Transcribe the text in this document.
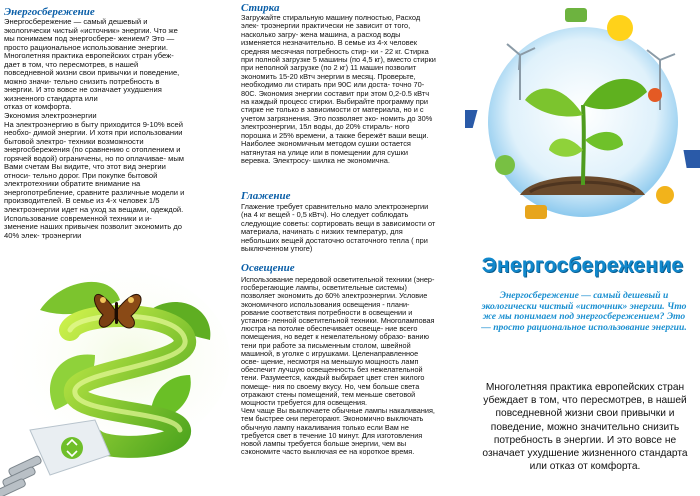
Энергосбережение

Энергосбережение — самый дешевый и
экологически чистый «источник» энергии. Что же
мы понимаем под энергосбере- жением? Это —
просто рациональное использование энергии.
Многолетняя практика европейских стран убеж-
дает в том, что пересмотрев, в нашей
повседневной жизни свои привычки и поведение,
можно значи- тельно снизить потребность в
энергии. И это вовсе не означает ухудшения
жизненного стандарта или
отказ от комфорта.
Экономия электроэнергии
На электроэнергию в быту приходится 9-10% всей
необхо- димой энергии. И хотя при использовании
бытовой электро- техники возможности
энергосбережения (по сравнению с отоплением и
горячей водой) ограничены, но по оплачивае- мым
Вами счетам Вы видите, что этот вид энергии
относи- тельно дорог. При покупке бытовой
электротехники обратите внимание на
энергопотребление, сравните различные модели и
производителей. В семье из 4-х человек 1/5
электроэнергии идет на уход за вещами, одеждой.
Использование современной техники и и-
зменение наших привычек позволит экономить до
40% элек- троэнергии

Стирка

Загружайте стиральную машину полностью, Расход
элек- троэнергии практически не зависит от того,
насколько загру- жена машина, а расход воды
изменяется незначительно. В семье из 4-х человек
средняя месячная потребность стир- ки - 22 кг. Стирка
при полной загрузке 5 машины (по 4,5 кг), вместо стирки
при неполной загрузке (по 2 кг) 11 машин позволит
экономить 15-20 кВтч энергии в месяц. Проверьте,
необходимо ли стирать при 90С или доста- точно 70-
80С. Экономия энергии составит при этом 0,2-0.5 кВтч
на каждый процесс стирки. Выбирайте программу при
стирке не только в зависимости от материала, но и с
учетом загрязнения. Это позволяет эко- номить до 30%
электроэнергии, 15л воды, до 20% стираль- ного
порошка и 25% времени, а также бережёт ваши вещи.
Наиболее экономичным методом сушки остается
натянутая на улице или в помещении для сушки
веревка. Электросу- шилка не экономична.

Глажение

Глажение требует сравнительно мало электроэнергии
(на 4 кг вещей - 0,5 кВтч). Но следует соблюдать
следующие советы: сортировать вещи в зависимости от
материала, начинать с низких температур, для
небольших вещей достаточно остаточного тепла ( при
выключенном утюге)

Освещение

Использование передовой осветительной техники (энер-
госберегающие лампы, осветительные системы)
позволяет экономить до 60% электроэнергии. Условие
экономичного использования освещения - плани-
рование соответствия потребности в освещении и
установ- ленной осветительной техники. Многоламповая
люстра на потолке обеспечивает освеще- ние всего
помещения, но ведет к нежелательному образо- ванию
тени при работе за письменным столом, швейной
машиной, в уголке с игрушками. Целенаправленное
осве- щение, несмотря на меньшую мощность ламп
обеспечит лучшую освещенность без нежелательной
тени. Разумеется, каждый выбирает цвет стен жилого
помеще- ния по своему вкусу. Но, чем больше света
отражают стены помещений, тем меньше световой
мощности требуется для освещения.
Чем чаще Вы выключаете обычные лампы накаливания,
тем быстрее они перегорают. Экономично выключать
обычную лампу накаливания только если Вам не
требуется свет в течение 10 минут. Для изготовления
новой лампы требуется больше энергии, чем вы
сэкономите часто выключая ее на короткое время.

Энергосбережение

Энергосбережение — самый дешевый и экологически чистый «источник» энергии. Что же мы понимаем под энергосбережением? Это — просто рациональное использование энергии.

Многолетняя практика европейских стран убеждает в том, что пересмотрев, в нашей повседневной жизни свои привычки и поведение, можно значительно снизить потребность в энергии. И это вовсе не означает ухудшение жизненного стандарта или отказ от комфорта.
